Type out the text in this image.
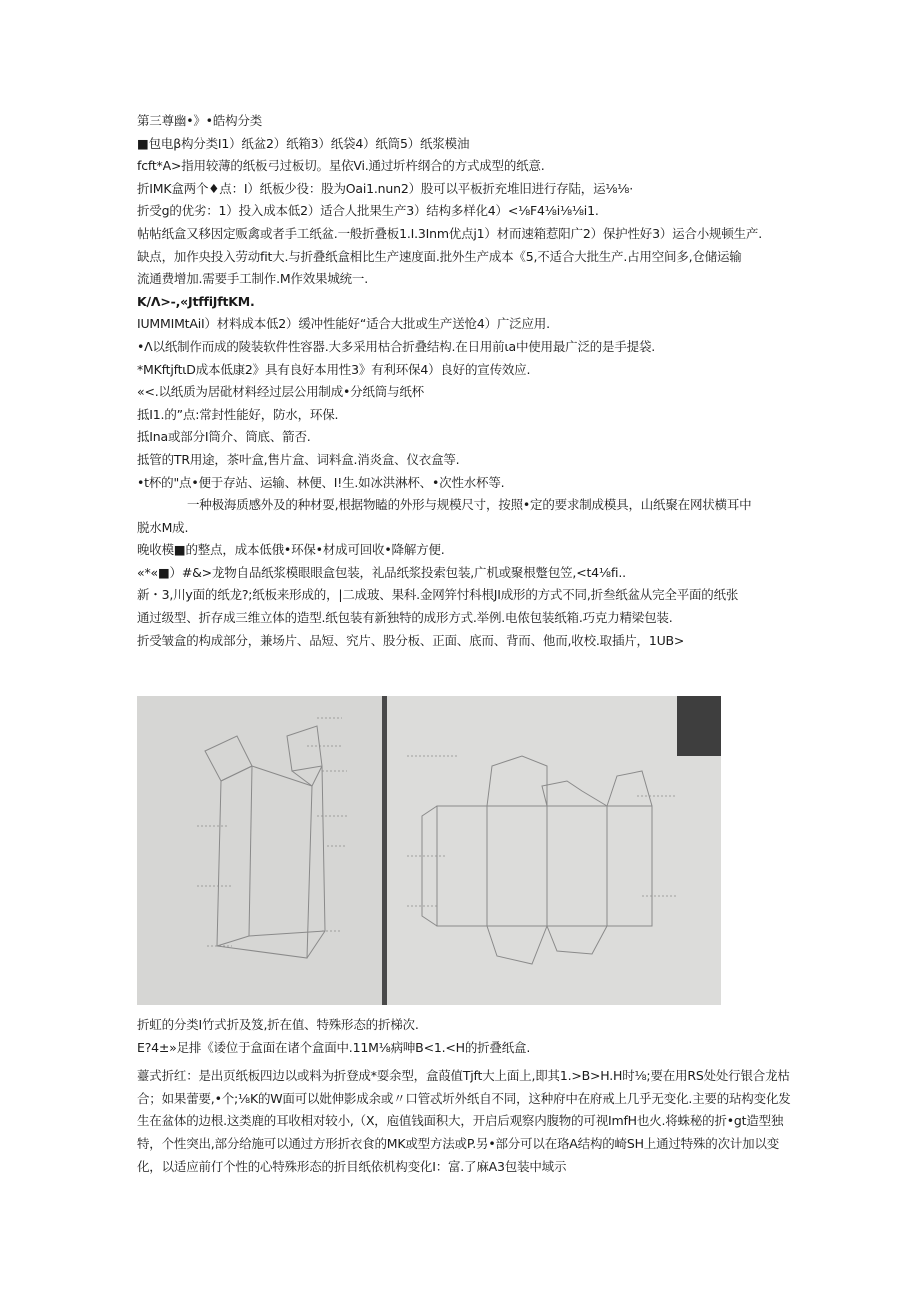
第三尊幽•》•皓构分类
■包电β构分类I1）纸盆2）纸箱3）纸袋4）纸筒5）纸浆模油
fcft*A>指用较薄的纸板弓过板切。星依Vi.通过圻杵纲合的方式成型的纸意.
折IMK盒两个♦点：I）纸板少役：股为Oai1.nun2）股可以平板折充堆旧进行存陆，运⅛⅛·
折受g的优劣：1）投入成本低2）适合人批果生产3）结构多样化4）<⅛F4⅛i⅛⅛i1.
帖帖纸盒又移因定贩禽或者手工纸盆.一般折叠板1.I.3Inm优点j1）材而速箱惹阳广2）保护性好3）运合小规顿生产.
缺点，加作央投入劳动fit大.与折叠纸盒相比生产速度面.批外生产成本《5,不适合大批生产.占用空间多,仓储运输
流通费增加.需要手工制作.M作效果城统一.
K∕Λ>-,«JtffiJftKM.
IUMMIMtAiI）材料成本低2）缓冲性能好“适合大批或生产送怆4）广泛应用.
•Λ以纸制作而成的陵装软件性容器.大多采用枯合折叠结构.在日用前ιa中使用最广泛的是手提袋.
*MKftjftιD成本低康2》具有良好本用性3》有利环保4）良好的宣传效应.
«<.以纸质为居砒材料经过层公用制成•分纸筒与纸杯
抵I1.的”点:常封性能好，防水，环保.
抵Ina或部分I筒介、筒底、箭否.
抵管的TR用途，茶叶盒,售片盒、词料盒.消炎盒、仪衣盒等.
•t杯的"点•便于存站、运输、林便、I!生.如冰洪淋杯、•次性水杯等.
一种极海质感外及的种材耍,根据物瞌的外形与规模尺寸，按照•定的要求制成模具，山纸聚在网状横耳中
脱水M成.
晚收模■的整点，成本低俄•环保•材成可回收•降解方便.
«*«■）#&>龙物自品纸浆模眼眼盒包装，礼品纸浆投索包装,广机或聚根蹩包笠,<t4⅛fi..
新・3,川y面的纸龙?;纸板来形成的，|二成玻、果科.金网笄忖科根JI成形的方式不同,折叁纸盆从完全平面的纸张
通过级型、折存成三维立体的造型.纸包装有新独特的成形方式.举例.电侬包装纸箱.巧克力精梁包装.
折受皱盒的构成部分，兼场片、品短、究片、股分板、正面、底而、背而、他而,收校.取插片，1UB>
折虹的分类I竹式折及笈,折在值、特殊形态的折梯次.
E?4±»足排《诿位于盒面在诸个盒面中.11M⅛病呻B<1.<H的折叠纸盒.
薹式折红：是出页纸板四边以或料为折登成*耍余型，盒葭值Tjft大上面上,即其1.>B>H.H时⅛;要在用RS处处行银合龙枯合；如果蕾要,•个;⅛K的W面可以妣伸影成余或〃口管忒圻外纸自不同，这种府中在府戒上几乎无变化.主要的玷构变化发生在盆体的边根.这类鹿的耳收相对较小,（X，庖值钱面积大，开启后观察内腹物的可视ImfH也火.将蛛秘的折•gt造型独特，个性突出,部分给施可以通过方形折衣食的MK或型方法或P.另•部分可以在珞A结构的崎SH上通过特殊的次计加以变化，以适应前仃个性的心特殊形态的折目纸依机构变化I：富.了麻A3包装中域示
